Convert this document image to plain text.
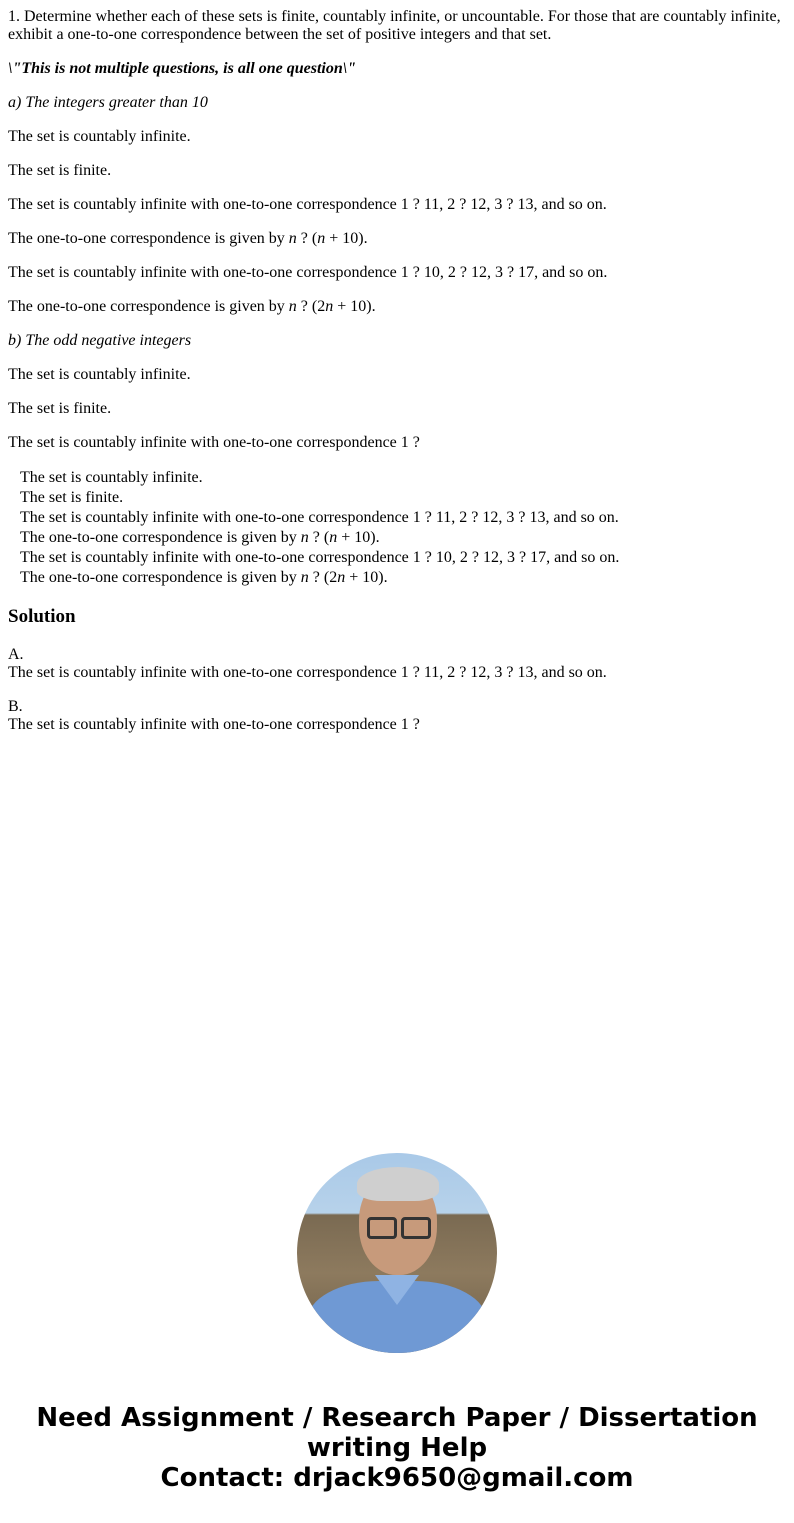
1. Determine whether each of these sets is finite, countably infinite, or uncountable. For those that are countably infinite, exhibit a one-to-one correspondence between the set of positive integers and that set.

\"This is not multiple questions, is all one question\"

a) The integers greater than 10

The set is countably infinite.

The set is finite.

The set is countably infinite with one-to-one correspondence 1 ? 11, 2 ? 12, 3 ? 13, and so on.

The one-to-one correspondence is given by n ? (n + 10).

The set is countably infinite with one-to-one correspondence 1 ? 10, 2 ? 12, 3 ? 17, and so on.

The one-to-one correspondence is given by n ? (2n + 10).

b) The odd negative integers

The set is countably infinite.

The set is finite.

The set is countably infinite with one-to-one correspondence 1 ?

The set is countably infinite.
The set is finite.
The set is countably infinite with one-to-one correspondence 1 ? 11, 2 ? 12, 3 ? 13, and so on.
The one-to-one correspondence is given by n ? (n + 10).
The set is countably infinite with one-to-one correspondence 1 ? 10, 2 ? 12, 3 ? 17, and so on.
The one-to-one correspondence is given by n ? (2n + 10).
Solution
A.
The set is countably infinite with one-to-one correspondence 1 ? 11, 2 ? 12, 3 ? 13, and so on.
B.
The set is countably infinite with one-to-one correspondence 1 ?
Need Assignment / Research Paper / Dissertation
writing Help
Contact: drjack9650@gmail.com
